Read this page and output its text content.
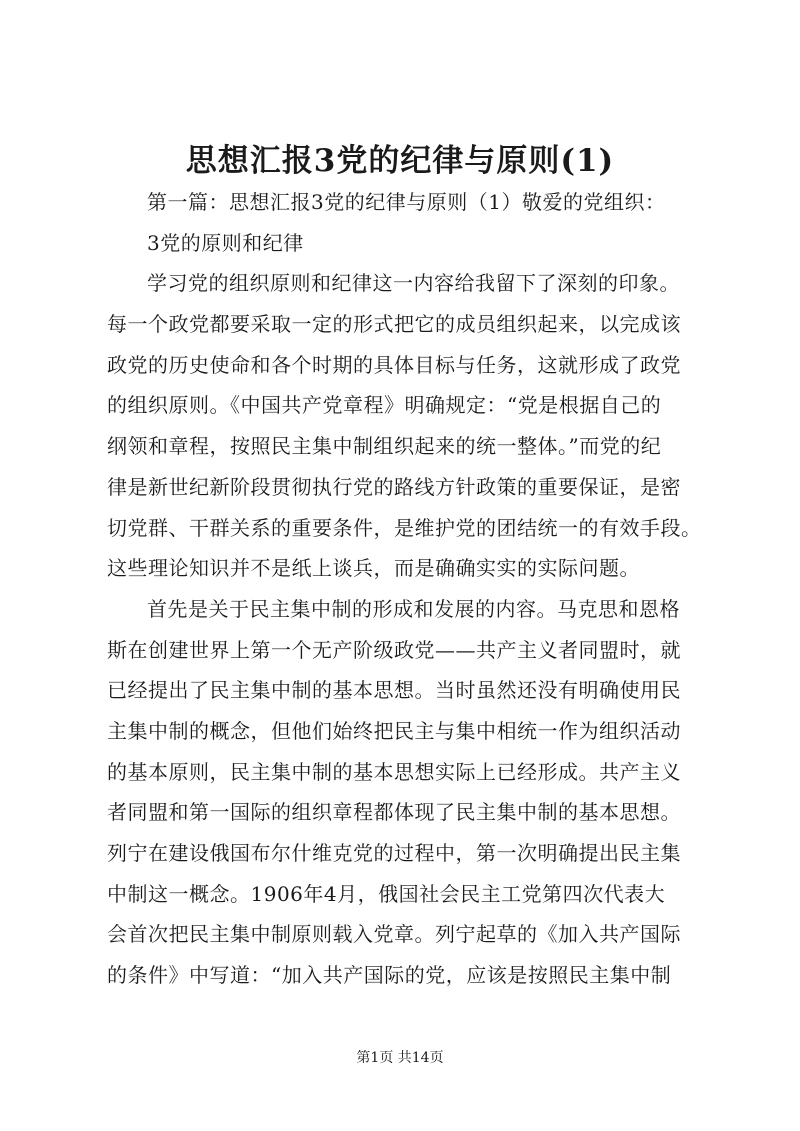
思想汇报3党的纪律与原则(1)
第一篇：思想汇报3党的纪律与原则（1）敬爱的党组织：
3党的原则和纪律
学习党的组织原则和纪律这一内容给我留下了深刻的印象。
每一个政党都要采取一定的形式把它的成员组织起来，以完成该
政党的历史使命和各个时期的具体目标与任务，这就形成了政党
的组织原则。《中国共产党章程》明确规定：“党是根据自己的
纲领和章程，按照民主集中制组织起来的统一整体。”而党的纪
律是新世纪新阶段贯彻执行党的路线方针政策的重要保证，是密
切党群、干群关系的重要条件，是维护党的团结统一的有效手段。
这些理论知识并不是纸上谈兵，而是确确实实的实际问题。
首先是关于民主集中制的形成和发展的内容。马克思和恩格
斯在创建世界上第一个无产阶级政党——共产主义者同盟时，就
已经提出了民主集中制的基本思想。当时虽然还没有明确使用民
主集中制的概念，但他们始终把民主与集中相统一作为组织活动
的基本原则，民主集中制的基本思想实际上已经形成。共产主义
者同盟和第一国际的组织章程都体现了民主集中制的基本思想。
列宁在建设俄国布尔什维克党的过程中，第一次明确提出民主集
中制这一概念。1906年4月，俄国社会民主工党第四次代表大
会首次把民主集中制原则载入党章。列宁起草的《加入共产国际
的条件》中写道：“加入共产国际的党，应该是按照民主集中制
第1页 共14页
